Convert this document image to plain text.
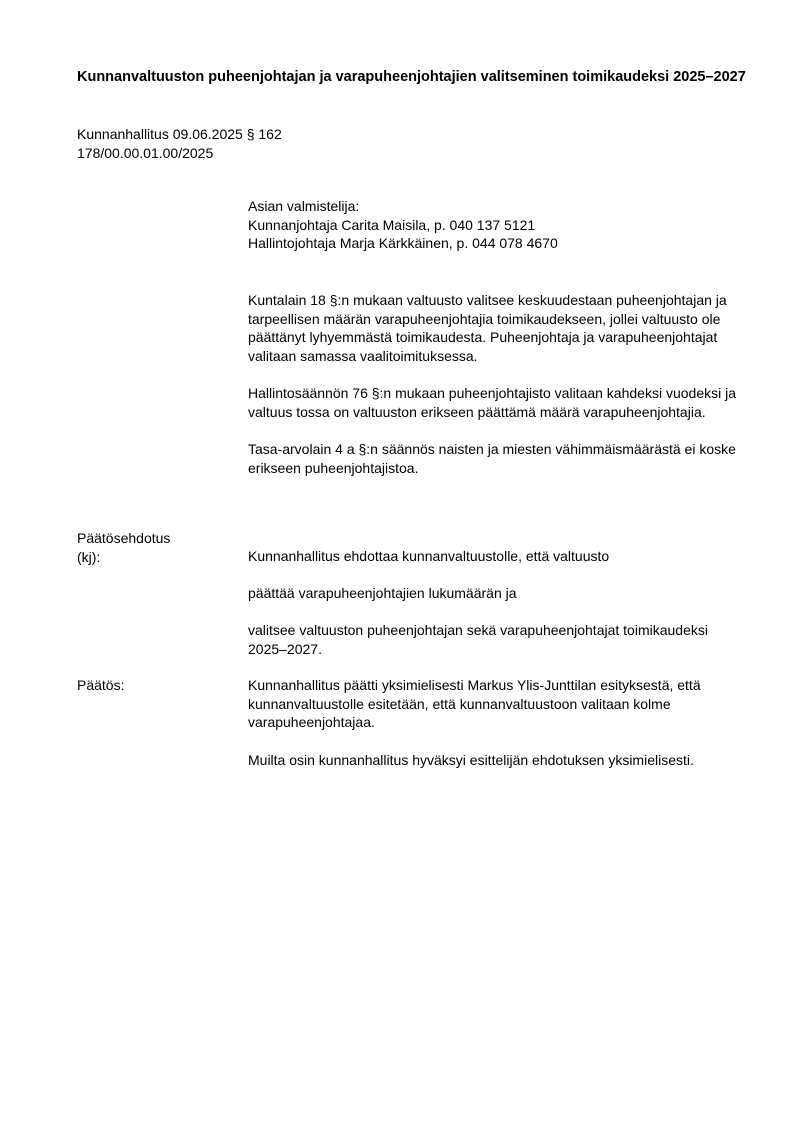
Kunnanvaltuuston puheenjohtajan ja varapuheenjohtajien valitseminen toimikaudeksi 2025–2027
Kunnanhallitus 09.06.2025 § 162
178/00.00.01.00/2025
Asian valmistelija:
Kunnanjohtaja Carita Maisila, p. 040 137 5121
Hallintojohtaja Marja Kärkkäinen, p. 044 078 4670

Kuntalain 18 §:n mukaan valtuusto valitsee keskuudestaan puheenjohtajan ja tarpeellisen määrän varapuheenjohtajia toimikaudekseen, jollei valtuusto ole päättänyt lyhyemmästä toimikaudesta. Puheenjohtaja ja varapuheenjohtajat valitaan samassa vaalitoimituksessa.

Hallintosäännön 76 §:n mukaan puheenjohtajisto valitaan kahdeksi vuodeksi ja valtuus tossa on valtuuston erikseen päättämä määrä varapuheenjohtajia.

Tasa-arvolain 4 a §:n säännös naisten ja miesten vähimmäismäärästä ei koske erikseen puheenjohtajistoa.

Päätösehdotus
(kj):	Kunnanhallitus ehdottaa kunnanvaltuustolle, että valtuusto
päättää varapuheenjohtajien lukumäärän ja
valitsee valtuuston puheenjohtajan sekä varapuheenjohtajat toimikaudeksi 2025–2027.
Päätös:	Kunnanhallitus päätti yksimielisesti Markus Ylis-Junttilan esityksestä, että kunnanvaltuustolle esitetään, että kunnanvaltuustoon valitaan kolme varapuheenjohtajaa.
Muilta osin kunnanhallitus hyväksyi esittelijän ehdotuksen yksimielisesti.
